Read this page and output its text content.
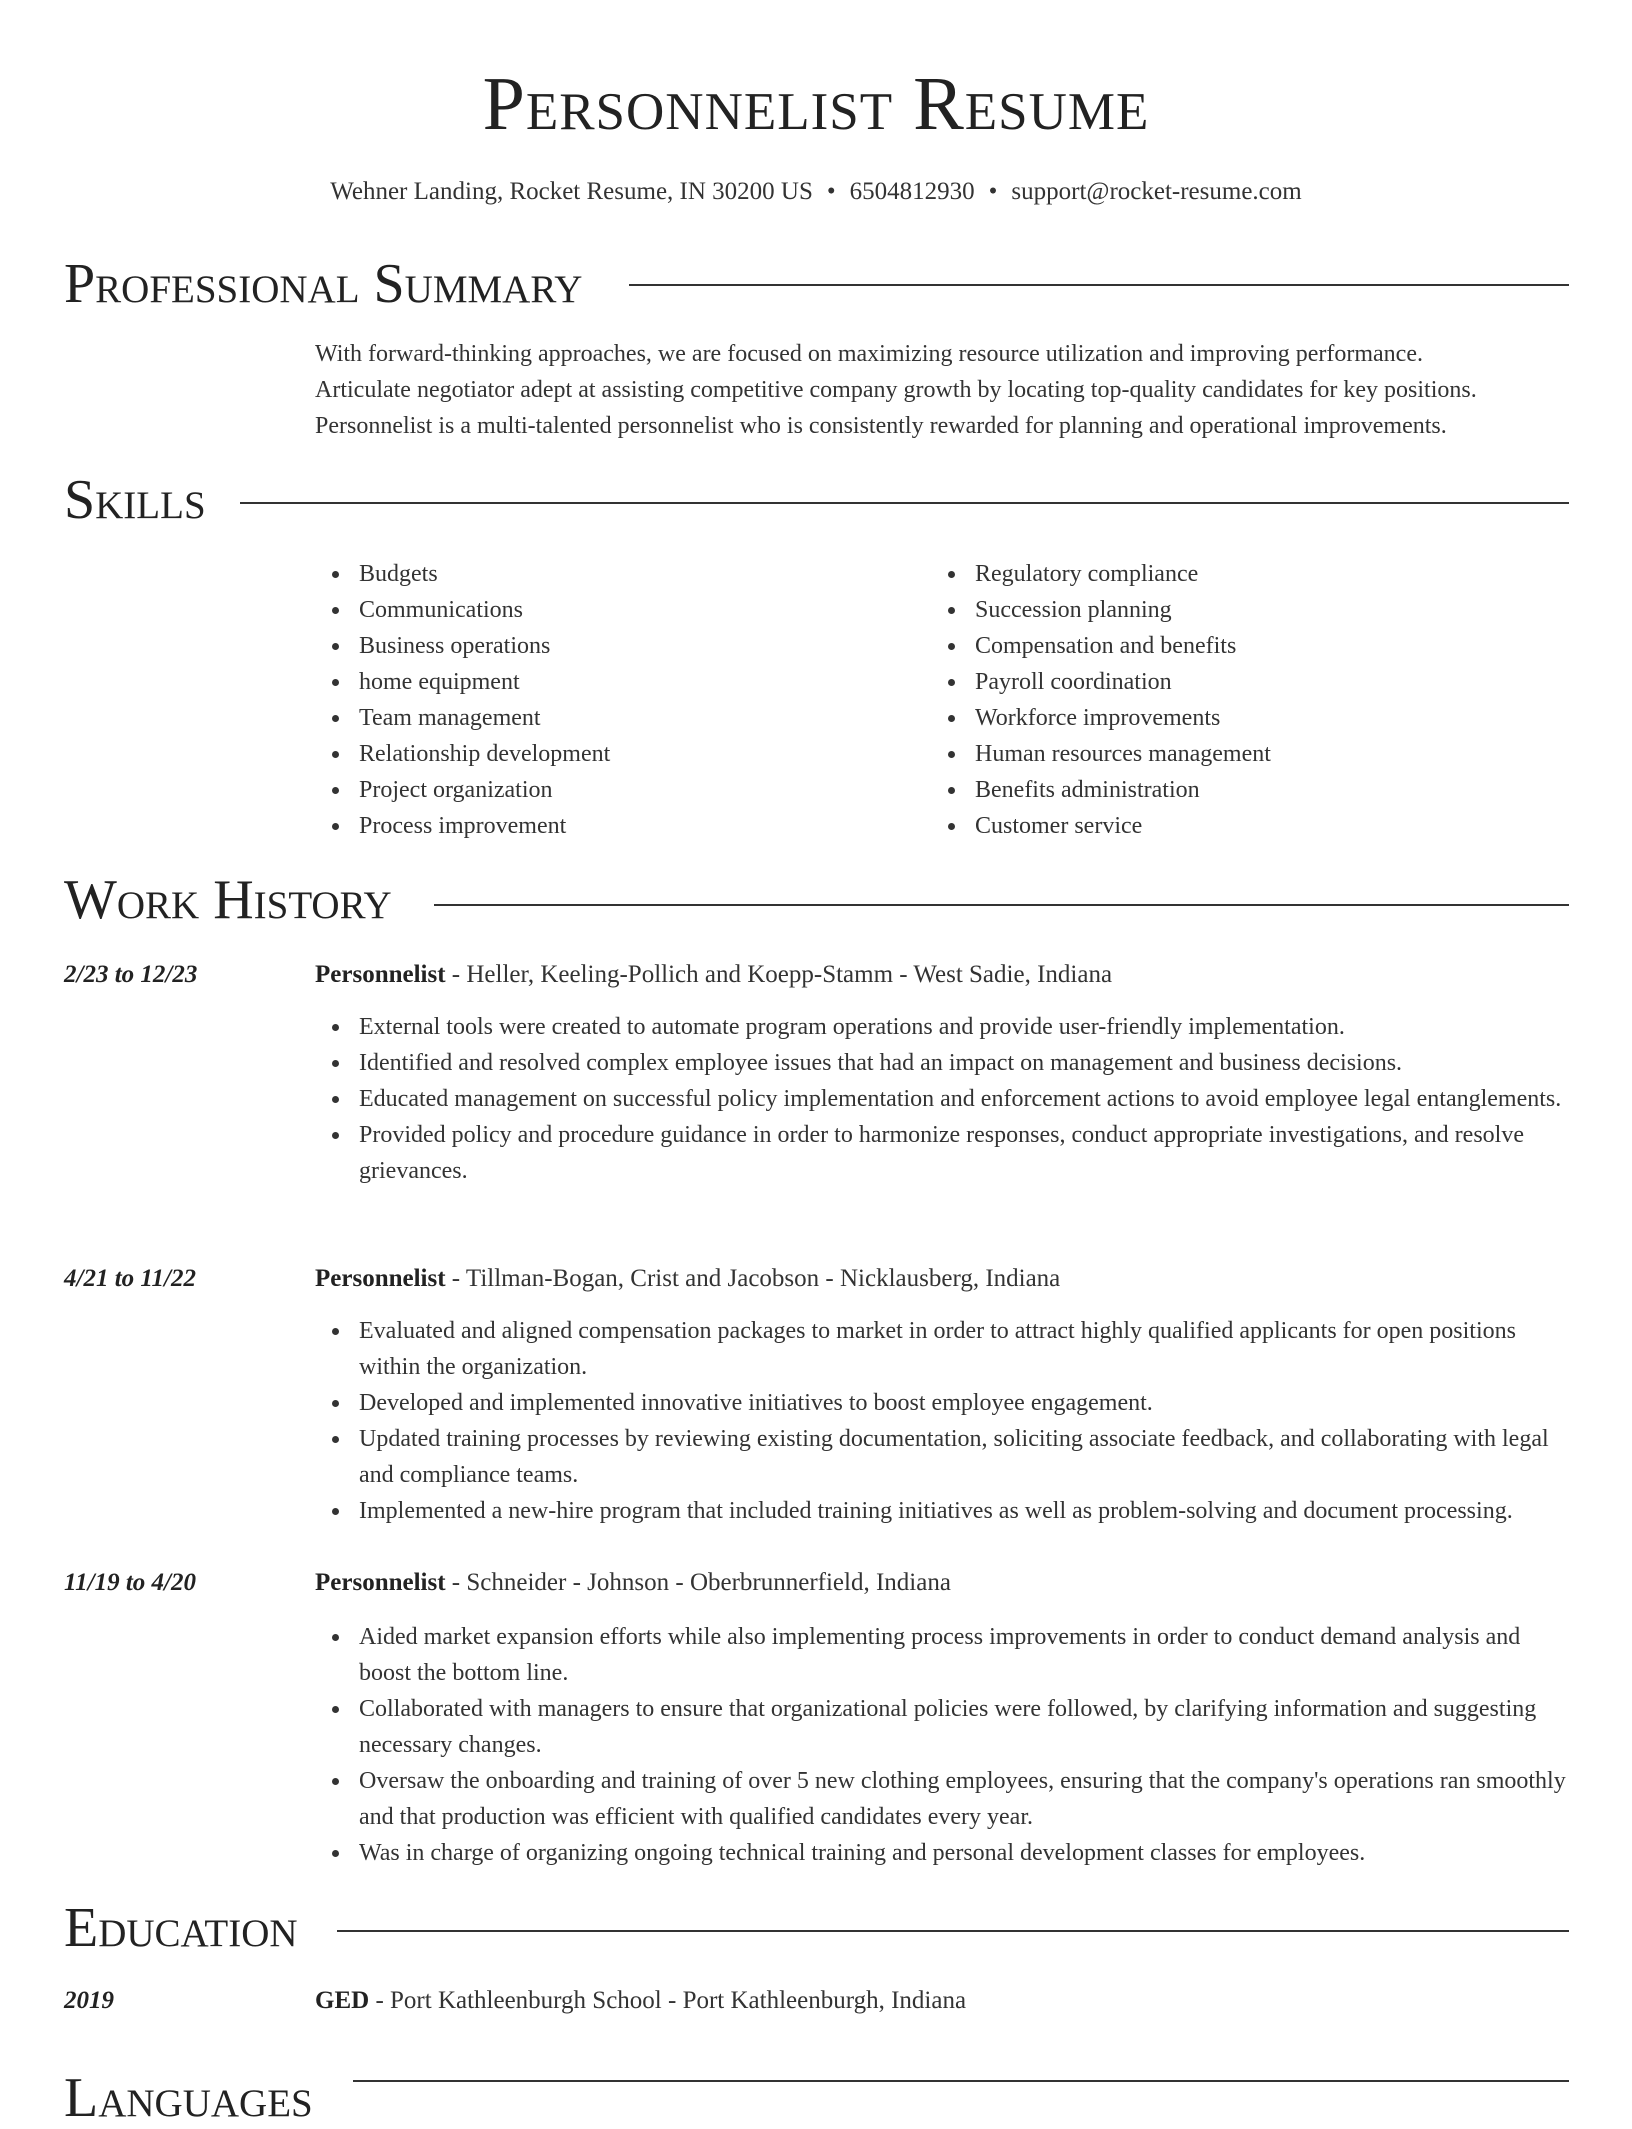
Personnelist Resume
Wehner Landing, Rocket Resume, IN 30200 US • 6504812930 • support@rocket-resume.com
Professional Summary

With forward-thinking approaches, we are focused on maximizing resource utilization and improving performance.

Articulate negotiator adept at assisting competitive company growth by locating top-quality candidates for key positions.

Personnelist is a multi-talented personnelist who is consistently rewarded for planning and operational improvements.

Skills
Budgets
Communications
Business operations
home equipment
Team management
Relationship development
Project organization
Process improvement
Regulatory compliance
Succession planning
Compensation and benefits
Payroll coordination
Workforce improvements
Human resources management
Benefits administration
Customer service
Work History
2/23 to 12/23	Personnelist - Heller, Keeling-Pollich and Koepp-Stamm - West Sadie, Indiana
External tools were created to automate program operations and provide user-friendly implementation.
Identified and resolved complex employee issues that had an impact on management and business decisions.
Educated management on successful policy implementation and enforcement actions to avoid employee legal entanglements.
Provided policy and procedure guidance in order to harmonize responses, conduct appropriate investigations, and resolve grievances.
4/21 to 11/22	Personnelist - Tillman-Bogan, Crist and Jacobson - Nicklausberg, Indiana
Evaluated and aligned compensation packages to market in order to attract highly qualified applicants for open positions within the organization.
Developed and implemented innovative initiatives to boost employee engagement.
Updated training processes by reviewing existing documentation, soliciting associate feedback, and collaborating with legal and compliance teams.
Implemented a new-hire program that included training initiatives as well as problem-solving and document processing.
11/19 to 4/20	Personnelist - Schneider - Johnson - Oberbrunnerfield, Indiana
Aided market expansion efforts while also implementing process improvements in order to conduct demand analysis and boost the bottom line.
Collaborated with managers to ensure that organizational policies were followed, by clarifying information and suggesting necessary changes.
Oversaw the onboarding and training of over 5 new clothing employees, ensuring that the company's operations ran smoothly and that production was efficient with qualified candidates every year.
Was in charge of organizing ongoing technical training and personal development classes for employees.
Education
2019	GED - Port Kathleenburgh School - Port Kathleenburgh, Indiana
Languages
